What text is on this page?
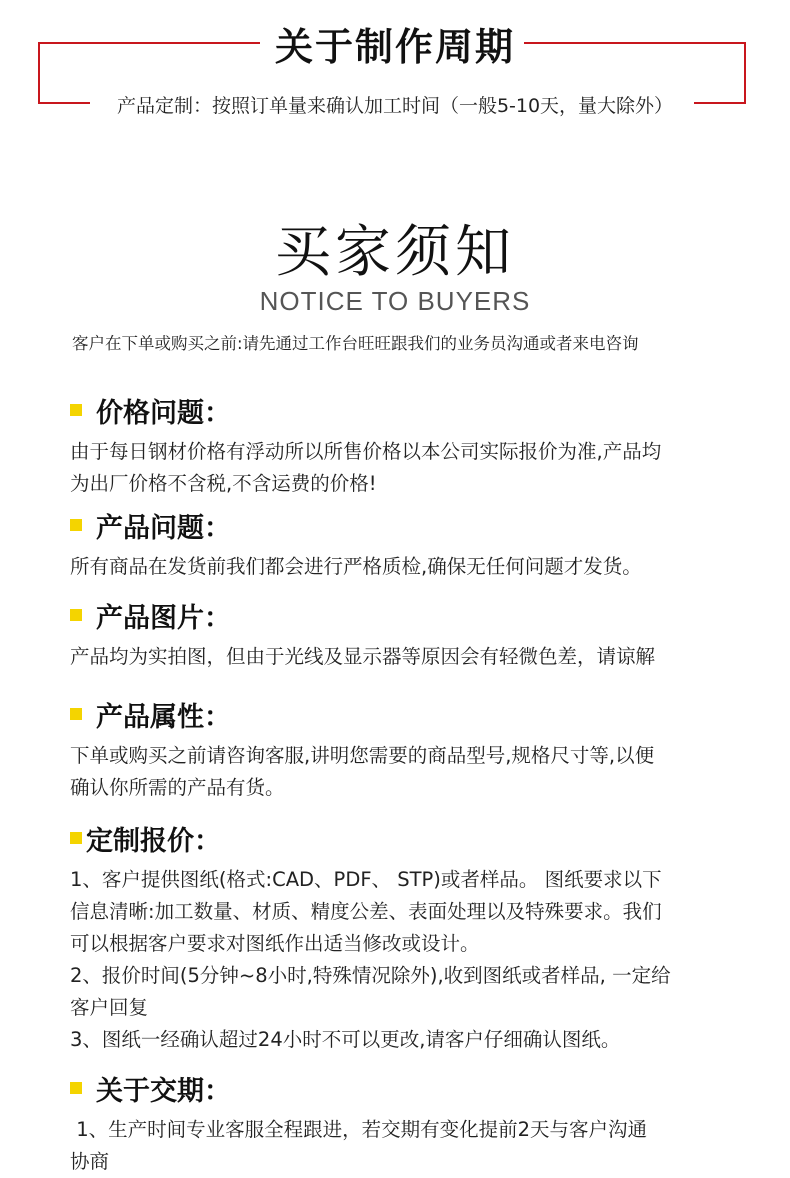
关于制作周期
产品定制：按照订单量来确认加工时间（一般5-10天，量大除外）
买家须知
NOTICE TO BUYERS
客户在下单或购买之前:请先通过工作台旺旺跟我们的业务员沟通或者来电咨询
价格问题：

由于每日钢材价格有浮动所以所售价格以本公司实际报价为准,产品均

为出厂价格不含税,不含运费的价格!

产品问题：

所有商品在发货前我们都会进行严格质检,确保无任何问题才发货。

产品图片：

产品均为实拍图，但由于光线及显示器等原因会有轻微色差，请谅解

产品属性：

下单或购买之前请咨询客服,讲明您需要的商品型号,规格尺寸等,以便

确认你所需的产品有货。

定制报价：

1、客户提供图纸(格式:CAD、PDF、 STP)或者样品。 图纸要求以下

信息清晰:加工数量、材质、精度公差、表面处理以及特殊要求。我们

可以根据客户要求对图纸作出适当修改或设计。

2、报价时间(5分钟~8小时,特殊情况除外),收到图纸或者样品, 一定给

客户回复

3、图纸一经确认超过24小时不可以更改,请客户仔细确认图纸。

关于交期：

1、生产时间专业客服全程跟进，若交期有变化提前2天与客户沟通

协商
